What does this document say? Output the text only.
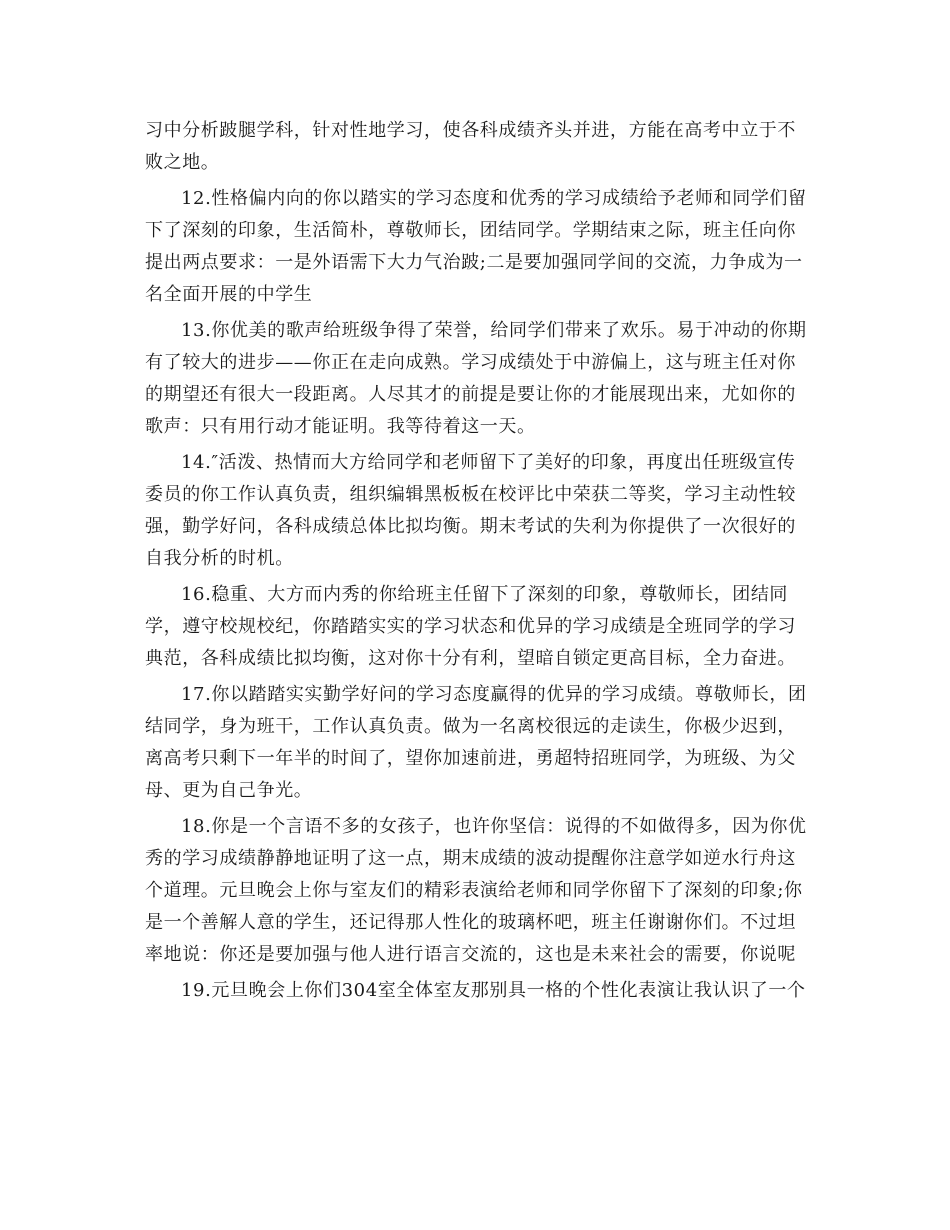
习中分析跛腿学科，针对性地学习，使各科成绩齐头并进，方能在高考中立于不
败之地。
12.性格偏内向的你以踏实的学习态度和优秀的学习成绩给予老师和同学们留
下了深刻的印象，生活简朴，尊敬师长，团结同学。学期结束之际，班主任向你
提出两点要求：一是外语需下大力气治跛;二是要加强同学间的交流，力争成为一
名全面开展的中学生
13.你优美的歌声给班级争得了荣誉，给同学们带来了欢乐。易于冲动的你期
有了较大的进步——你正在走向成熟。学习成绩处于中游偏上，这与班主任对你
的期望还有很大一段距离。人尽其才的前提是要让你的才能展现出来，尤如你的
歌声：只有用行动才能证明。我等待着这一天。
14.″活泼、热情而大方给同学和老师留下了美好的印象，再度出任班级宣传
委员的你工作认真负责，组织编辑黑板板在校评比中荣获二等奖，学习主动性较
强，勤学好问，各科成绩总体比拟均衡。期末考试的失利为你提供了一次很好的
自我分析的时机。
16.稳重、大方而内秀的你给班主任留下了深刻的印象，尊敬师长，团结同
学，遵守校规校纪，你踏踏实实的学习状态和优异的学习成绩是全班同学的学习
典范，各科成绩比拟均衡，这对你十分有利，望暗自锁定更高目标，全力奋进。
17.你以踏踏实实勤学好问的学习态度赢得的优异的学习成绩。尊敬师长，团
结同学，身为班干，工作认真负责。做为一名离校很远的走读生，你极少迟到，
离高考只剩下一年半的时间了，望你加速前进，勇超特招班同学，为班级、为父
母、更为自己争光。
18.你是一个言语不多的女孩子，也许你坚信：说得的不如做得多，因为你优
秀的学习成绩静静地证明了这一点，期末成绩的波动提醒你注意学如逆水行舟这
个道理。元旦晚会上你与室友们的精彩表演给老师和同学你留下了深刻的印象;你
是一个善解人意的学生，还记得那人性化的玻璃杯吧，班主任谢谢你们。不过坦
率地说：你还是要加强与他人进行语言交流的，这也是未来社会的需要，你说呢
19.元旦晚会上你们304室全体室友那别具一格的个性化表演让我认识了一个
